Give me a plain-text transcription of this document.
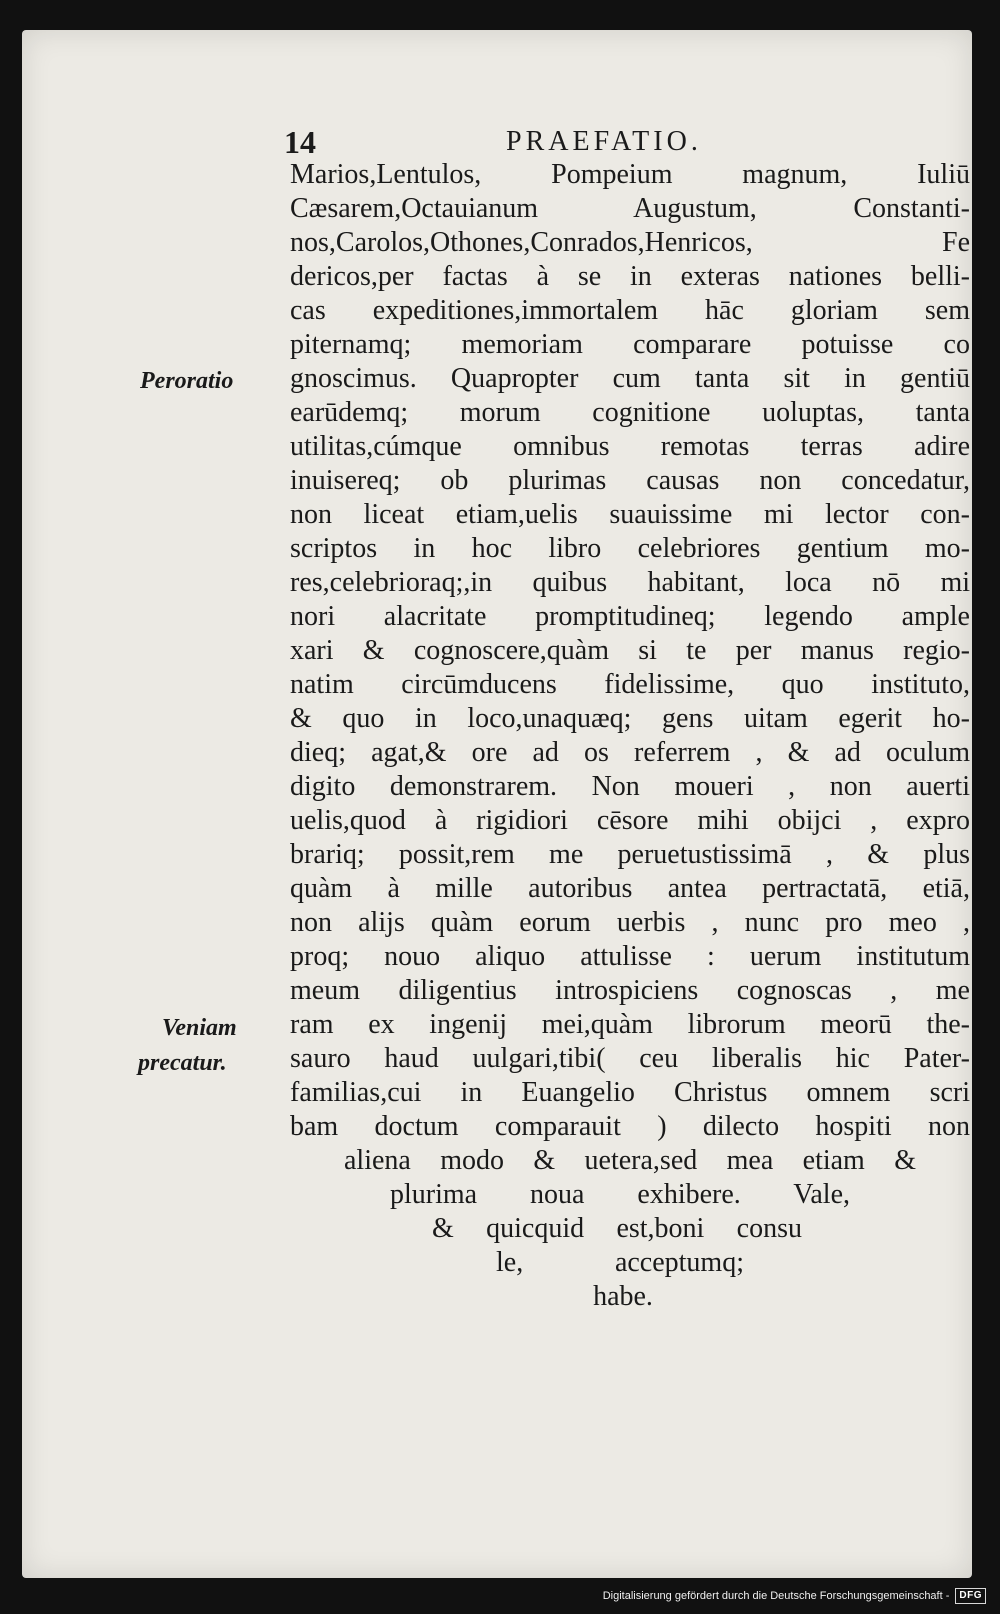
14	PRAEFATIO.
Peroratio
Veniam
precatur.
Marios,Lentulos, Pompeium magnum, Iuliū
Cæsarem,Octauianum Augustum, Constanti-
nos,Carolos,Othones,Conrados,Henricos, Fe
dericos,per factas à se in exteras nationes belli-
cas expeditiones,immortalem hāc gloriam sem
piternamq; memoriam comparare potuisse co
gnoscimus. Quapropter cum tanta sit in gentiū
earūdemq; morum cognitione uoluptas, tanta
utilitas,cúmque omnibus remotas terras adire
inuisereq; ob plurimas causas non concedatur,
non liceat etiam,uelis suauissime mi lector con-
scriptos in hoc libro celebriores gentium mo-
res,celebrioraq;,in quibus habitant, loca nō mi
nori alacritate promptitudineq; legendo ample
xari & cognoscere,quàm si te per manus regio-
natim circūmducens fidelissime, quo instituto,
& quo in loco,unaquæq; gens uitam egerit ho-
dieq; agat,& ore ad os referrem , & ad oculum
digito demonstrarem. Non moueri , non auerti
uelis,quod à rigidiori cēsore mihi obijci , expro
brariq; possit,rem me peruetustissimā , & plus
quàm à mille autoribus antea pertractatā, etiā,
non alijs quàm eorum uerbis , nunc pro meo ,
proq; nouo aliquo attulisse : uerum institutum
meum diligentius introspiciens cognoscas , me
ram ex ingenij mei,quàm librorum meorū the-
sauro haud uulgari,tibi( ceu liberalis hic Pater-
familias,cui in Euangelio Christus omnem scri
bam doctum comparauit ) dilecto hospiti non
aliena modo & uetera,sed mea etiam &
plurima noua exhibere. Vale,
& quicquid est,boni consu
le, acceptumq;
habe.
Digitalisierung gefördert durch die Deutsche Forschungsgemeinschaft -	DFG
